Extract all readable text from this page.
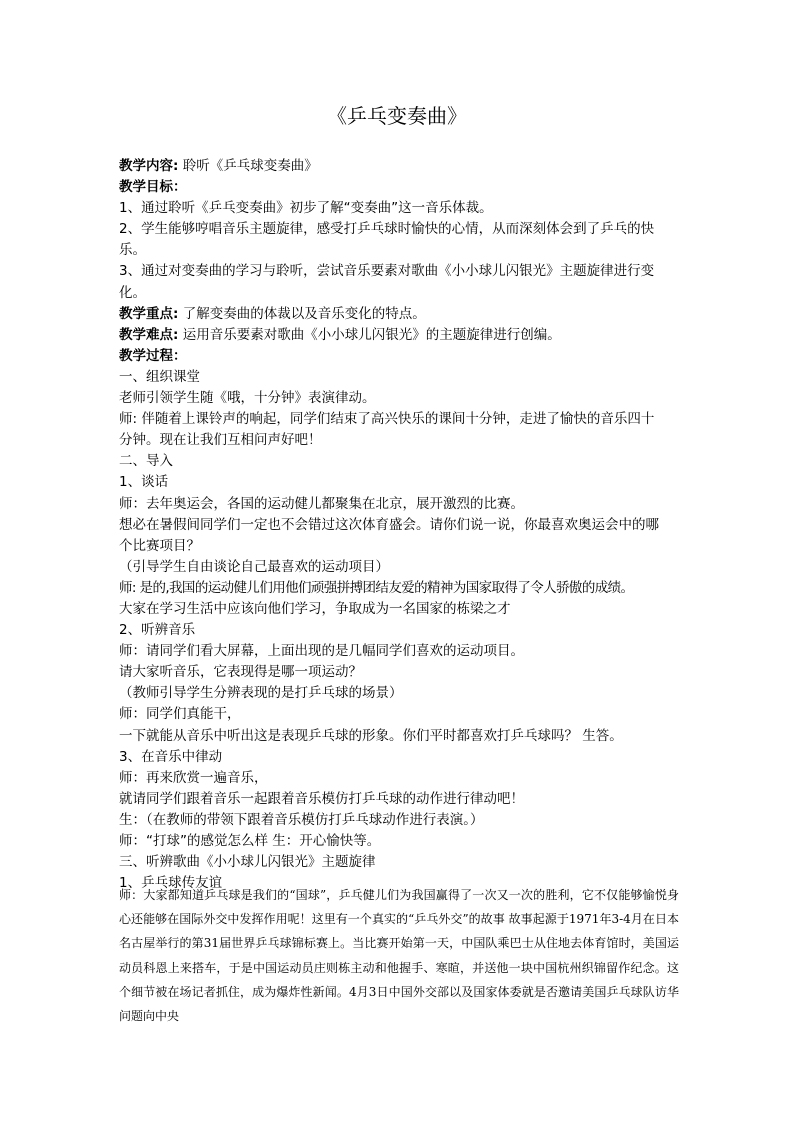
《乒乓变奏曲》
教学内容: 聆听《乒乓球变奏曲》
教学目标：
1、通过聆听《乒乓变奏曲》初步了解“变奏曲”这一音乐体裁。
2、学生能够哼唱音乐主题旋律，感受打乒乓球时愉快的心情，从而深刻体会到了乒乓的快
乐。
3、通过对变奏曲的学习与聆听，尝试音乐要素对歌曲《小小球儿闪银光》主题旋律进行变
化。
教学重点: 了解变奏曲的体裁以及音乐变化的特点。
教学难点: 运用音乐要素对歌曲《小小球儿闪银光》的主题旋律进行创编。
教学过程：
一、组织课堂
老师引领学生随《哦，十分钟》表演律动。
师: 伴随着上课铃声的响起，同学们结束了高兴快乐的课间十分钟，走进了愉快的音乐四十
分钟。现在让我们互相问声好吧！
二、导入
1、谈话
师：去年奥运会，各国的运动健儿都聚集在北京，展开激烈的比赛。
想必在暑假间同学们一定也不会错过这次体育盛会。请你们说一说，你最喜欢奥运会中的哪
个比赛项目？
（引导学生自由谈论自己最喜欢的运动项目）
师: 是的,我国的运动健儿们用他们顽强拼搏团结友爱的精神为国家取得了令人骄傲的成绩。
大家在学习生活中应该向他们学习，争取成为一名国家的栋梁之才
2、听辨音乐
师：请同学们看大屏幕，上面出现的是几幅同学们喜欢的运动项目。
请大家听音乐，它表现得是哪一项运动？
（教师引导学生分辨表现的是打乒乓球的场景）
师：同学们真能干，
一下就能从音乐中听出这是表现乒乓球的形象。你们平时都喜欢打乒乓球吗？ 生答。
3、在音乐中律动
师：再来欣赏一遍音乐，
就请同学们跟着音乐一起跟着音乐模仿打乒乓球的动作进行律动吧！
生：（在教师的带领下跟着音乐模仿打乒乓球动作进行表演。）
师：“打球”的感觉怎么样 生：开心愉快等。
三、听辨歌曲《小小球儿闪银光》主题旋律
1、乒乓球传友谊

师：大家都知道乒乓球是我们的“国球”，乒乓健儿们为我国赢得了一次又一次的胜利，它不仅能够愉悦身心还能够在国际外交中发挥作用呢！这里有一个真实的“乒乓外交”的故事 故事起源于1971年3-4月在日本名古屋举行的第31届世界乒乓球锦标赛上。当比赛开始第一天，中国队乘巴士从住地去体育馆时，美国运动员科恩上来搭车，于是中国运动员庄则栋主动和他握手、寒暄，并送他一块中国杭州织锦留作纪念。这个细节被在场记者抓住，成为爆炸性新闻。4月3日中国外交部以及国家体委就是否邀请美国乒乓球队访华问题向中央
